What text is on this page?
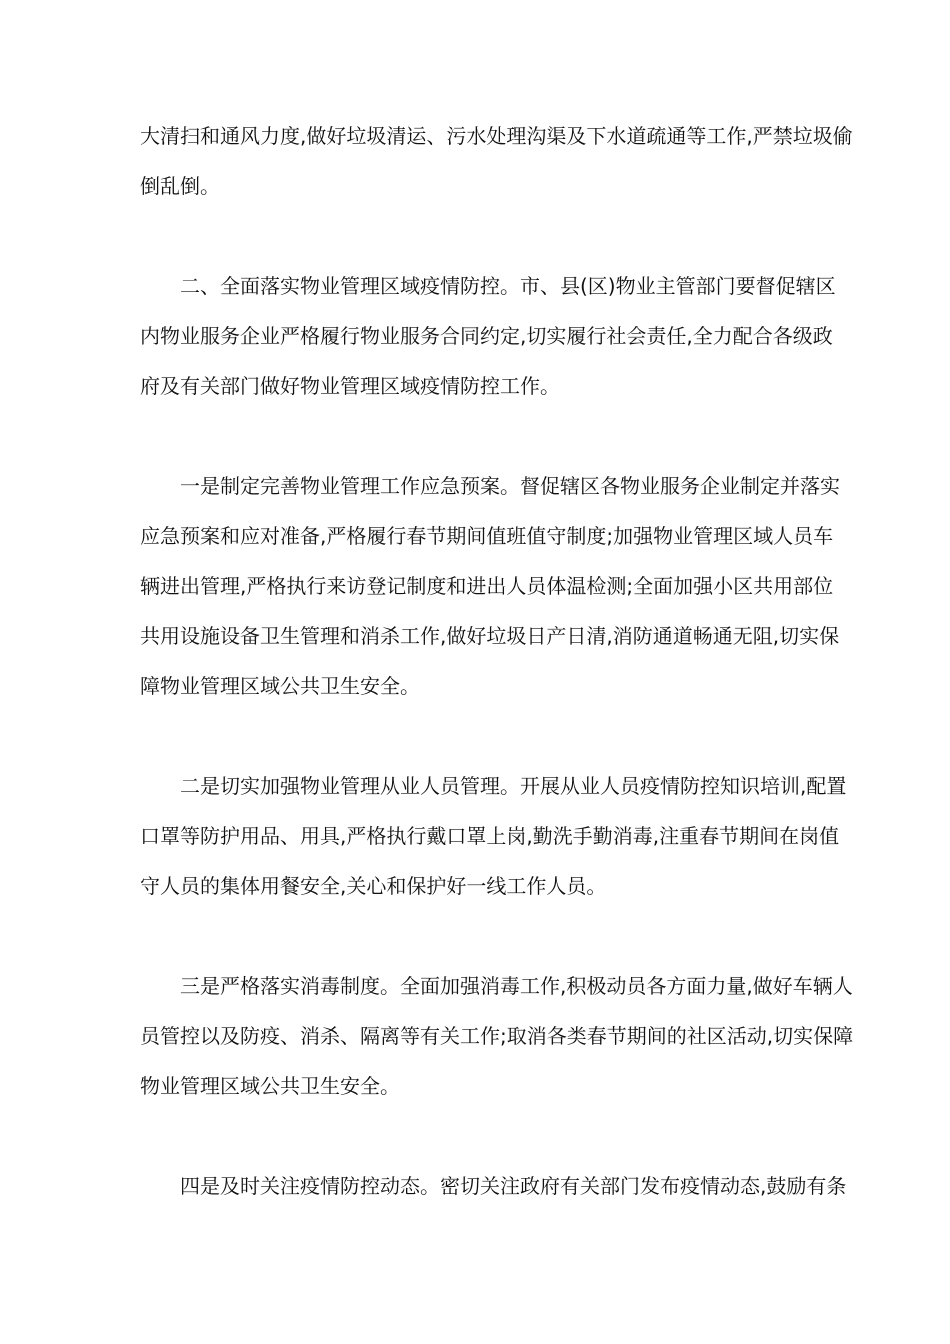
大清扫和通风力度,做好垃圾清运、污水处理沟渠及下水道疏通等工作,严禁垃圾偷
倒乱倒。
二、全面落实物业管理区域疫情防控。市、县(区)物业主管部门要督促辖区
内物业服务企业严格履行物业服务合同约定,切实履行社会责任,全力配合各级政
府及有关部门做好物业管理区域疫情防控工作。
一是制定完善物业管理工作应急预案。督促辖区各物业服务企业制定并落实
应急预案和应对准备,严格履行春节期间值班值守制度;加强物业管理区域人员车
辆进出管理,严格执行来访登记制度和进出人员体温检测;全面加强小区共用部位
共用设施设备卫生管理和消杀工作,做好垃圾日产日清,消防通道畅通无阻,切实保
障物业管理区域公共卫生安全。
二是切实加强物业管理从业人员管理。开展从业人员疫情防控知识培训,配置
口罩等防护用品、用具,严格执行戴口罩上岗,勤洗手勤消毒,注重春节期间在岗值
守人员的集体用餐安全,关心和保护好一线工作人员。
三是严格落实消毒制度。全面加强消毒工作,积极动员各方面力量,做好车辆人
员管控以及防疫、消杀、隔离等有关工作;取消各类春节期间的社区活动,切实保障
物业管理区域公共卫生安全。
四是及时关注疫情防控动态。密切关注政府有关部门发布疫情动态,鼓励有条
